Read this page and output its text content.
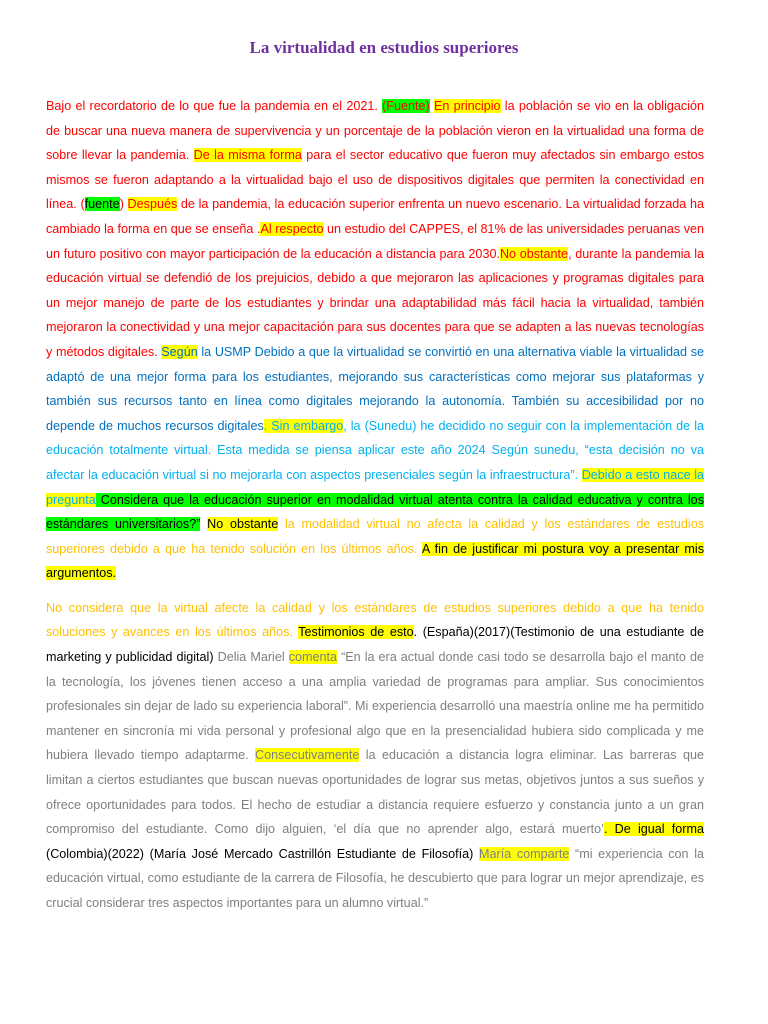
La virtualidad en estudios superiores

Bajo el recordatorio de lo que fue la pandemia en el 2021. (Fuente) En principio la población se vio en la obligación de buscar una nueva manera de supervivencia y un porcentaje de la población vieron en la virtualidad una forma de sobre llevar la pandemia. De la misma forma para el sector educativo que fueron muy afectados sin embargo estos mismos se fueron adaptando a la virtualidad bajo el uso de dispositivos digitales que permiten la conectividad en línea. (fuente) Después de la pandemia, la educación superior enfrenta un nuevo escenario. La virtualidad forzada ha cambiado la forma en que se enseña .Al respecto un estudio del CAPPES, el 81% de las universidades peruanas ven un futuro positivo con mayor participación de la educación a distancia para 2030.No obstante, durante la pandemia la educación virtual se defendió de los prejuicios, debido a que mejoraron las aplicaciones y programas digitales para un mejor manejo de parte de los estudiantes y brindar una adaptabilidad más fácil hacia la virtualidad, también mejoraron la conectividad y una mejor capacitación para sus docentes para que se adapten a las nuevas tecnologías y métodos digitales. Según la USMP Debido a que la virtualidad se convirtió en una alternativa viable la virtualidad se adaptó de una mejor forma para los estudiantes, mejorando sus características como mejorar sus plataformas y también sus recursos tanto en línea como digitales mejorando la autonomía. También su accesibilidad por no depende de muchos recursos digitales. Sin embargo, la (Sunedu) he decidido no seguir con la implementación de la educación totalmente virtual. Esta medida se piensa aplicar este año 2024 Según sunedu, “esta decisión no va afectar la educación virtual si no mejorarla con aspectos presenciales según la infraestructura”. Debido a esto nace la pregunta Considera que la educación superior en modalidad virtual atenta contra la calidad educativa y contra los estándares universitarios?” No obstante la modalidad virtual no afecta la calidad y los estándares de estudios superiores debido a que ha tenido solución en los últimos años. A fin de justificar mi postura voy a presentar mis argumentos.

No considera que la virtual afecte la calidad y los estándares de estudios superiores debido a que ha tenido soluciones y avances en los últimos años. Testimonios de esto. (España)(2017)(Testimonio de una estudiante de marketing y publicidad digital) Delia Mariel comenta “En la era actual donde casi todo se desarrolla bajo el manto de la tecnología, los jóvenes tienen acceso a una amplia variedad de programas para ampliar. Sus conocimientos profesionales sin dejar de lado su experiencia laboral”. Mi experiencia desarrolló una maestría online me ha permitido mantener en sincronía mi vida personal y profesional algo que en la presencialidad hubiera sido complicada y me hubiera llevado tiempo adaptarme. Consecutivamente la educación a distancia logra eliminar. Las barreras que limitan a ciertos estudiantes que buscan nuevas oportunidades de lograr sus metas, objetivos juntos a sus sueños y ofrece oportunidades para todos. El hecho de estudiar a distancia requiere esfuerzo y constancia junto a un gran compromiso del estudiante. Como dijo alguien, ‘el día que no aprender algo, estará muerto’. De igual forma (Colombia)(2022) (María José Mercado Castrillón Estudiante de Filosofía) María comparte “mi experiencia con la educación virtual, como estudiante de la carrera de Filosofía, he descubierto que para lograr un mejor aprendizaje, es crucial considerar tres aspectos importantes para un alumno virtual.”
